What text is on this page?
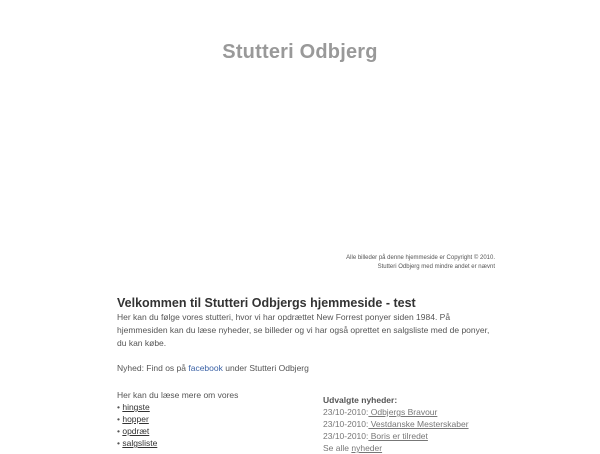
Stutteri Odbjerg
Alle billeder på denne hjemmeside er Copyright © 2010.
Stutteri Odbjerg med mindre andet er nævnt
Velkommen til Stutteri Odbjergs hjemmeside - test

Her kan du følge vores stutteri, hvor vi har opdrættet New Forrest ponyer siden 1984. På hjemmesiden kan du læse nyheder, se billeder og vi har også oprettet en salgsliste med de ponyer, du kan købe.

Nyhed: Find os på facebook under Stutteri Odbjerg
Her kan du læse mere om vores
• hingste
• hopper
• opdræt
• salgsliste
Udvalgte nyheder:
23/10-2010: Odbjergs Bravour
23/10-2010: Vestdanske Mesterskaber
23/10-2010: Boris er tilredet
Se alle nyheder
